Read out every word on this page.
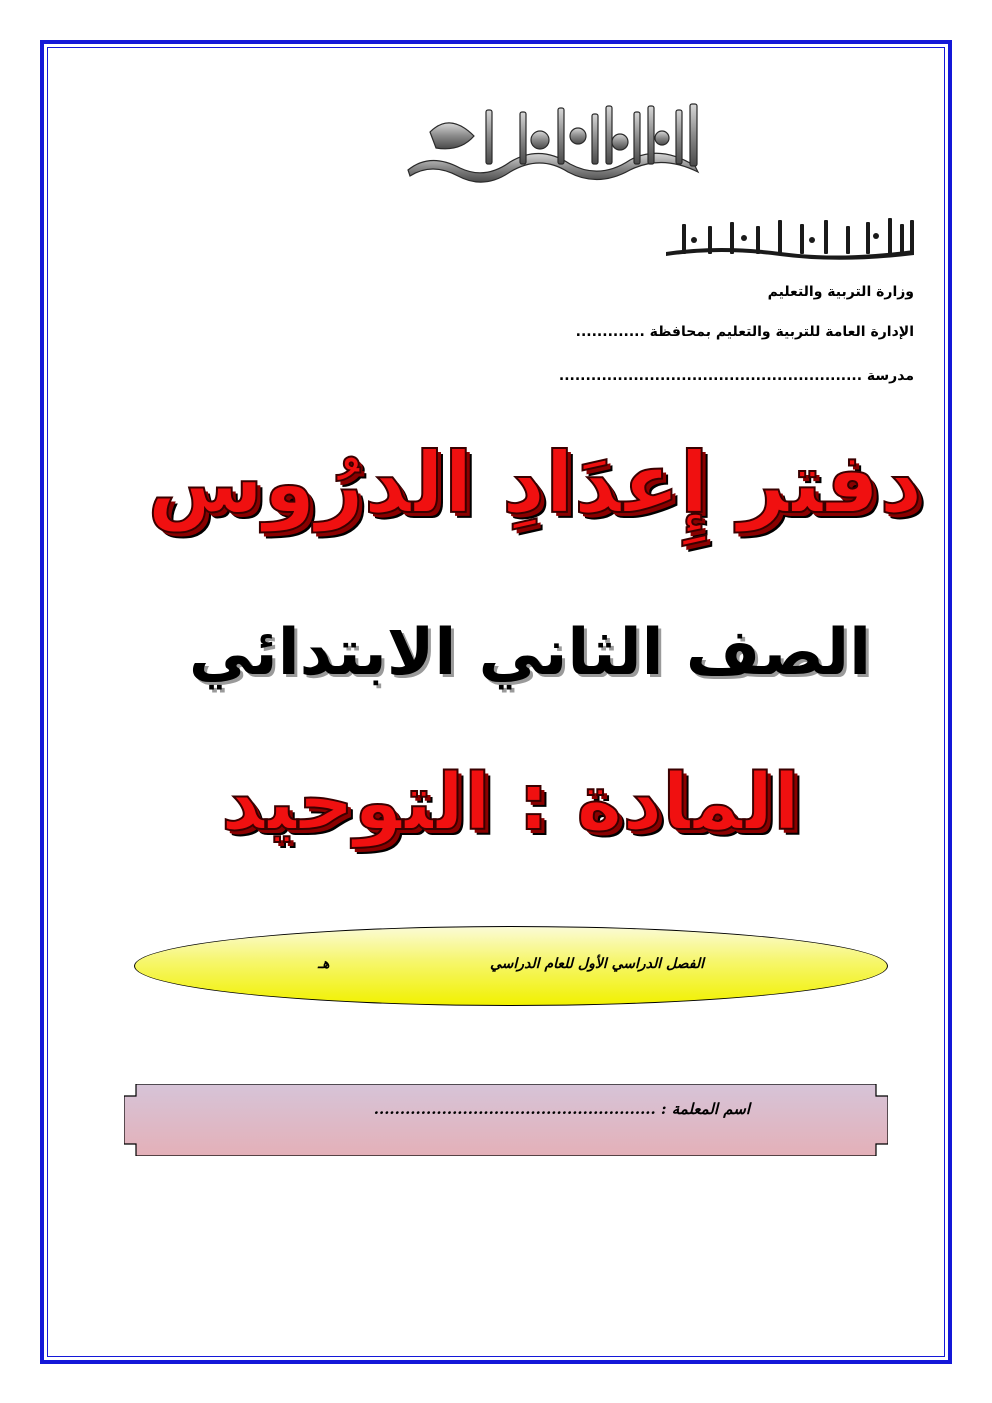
وزارة التربية والتعليم
الإدارة العامة للتربية والتعليم بمحافظة .............
مدرسة .........................................................
دفتر إِعدَادِ الدرُوس
الصف الثاني الابتدائي
المادة : التوحيد
الفصل الدراسي الأول للعام الدراسي
هـ
اسم المعلمة : ......................................................
